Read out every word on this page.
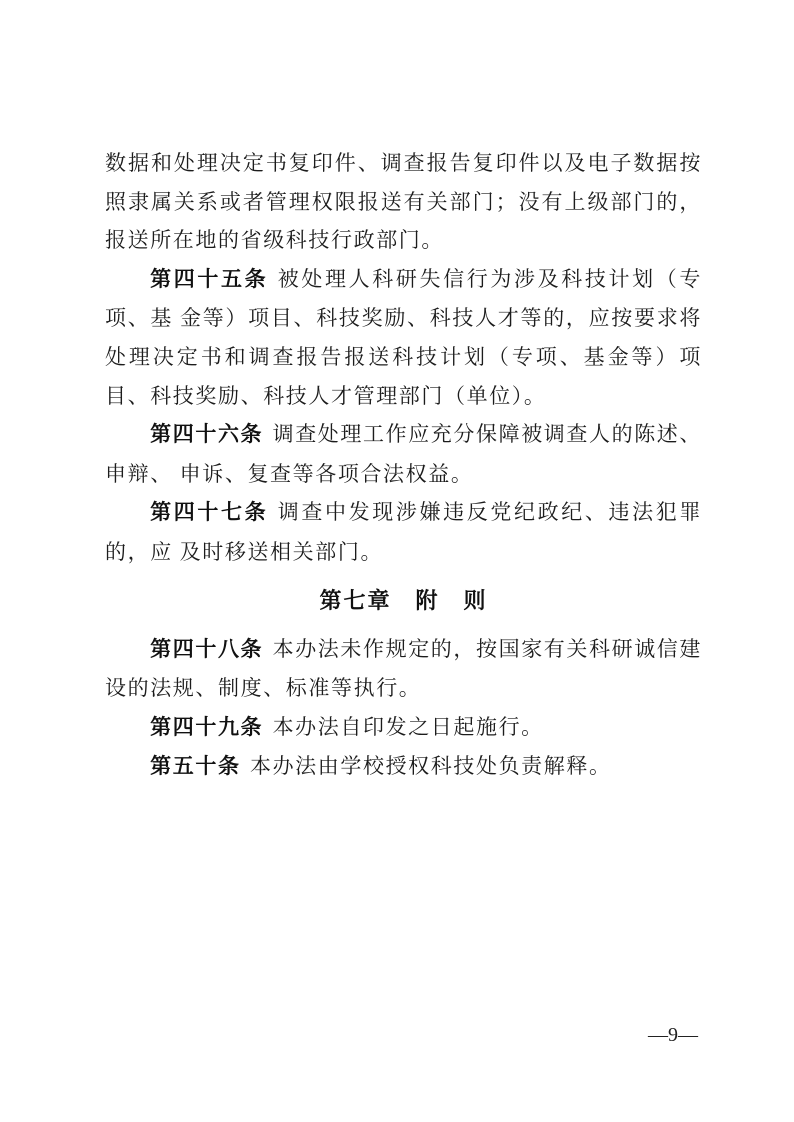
数据和处理决定书复印件、调查报告复印件以及电子数据按照隶属关系或者管理权限报送有关部门；没有上级部门的，报送所在地的省级科技行政部门。

第四十五条 被处理人科研失信行为涉及科技计划（专项、基 金等）项目、科技奖励、科技人才等的，应按要求将处理决定书和调查报告报送科技计划（专项、基金等）项目、科技奖励、科技人才管理部门（单位）。

第四十六条 调查处理工作应充分保障被调查人的陈述、申辩、 申诉、复查等各项合法权益。

第四十七条 调查中发现涉嫌违反党纪政纪、违法犯罪的，应 及时移送相关部门。

第七章　附　则

第四十八条 本办法未作规定的，按国家有关科研诚信建设的法规、制度、标准等执行。

第四十九条 本办法自印发之日起施行。

第五十条 本办法由学校授权科技处负责解释。

—9—
